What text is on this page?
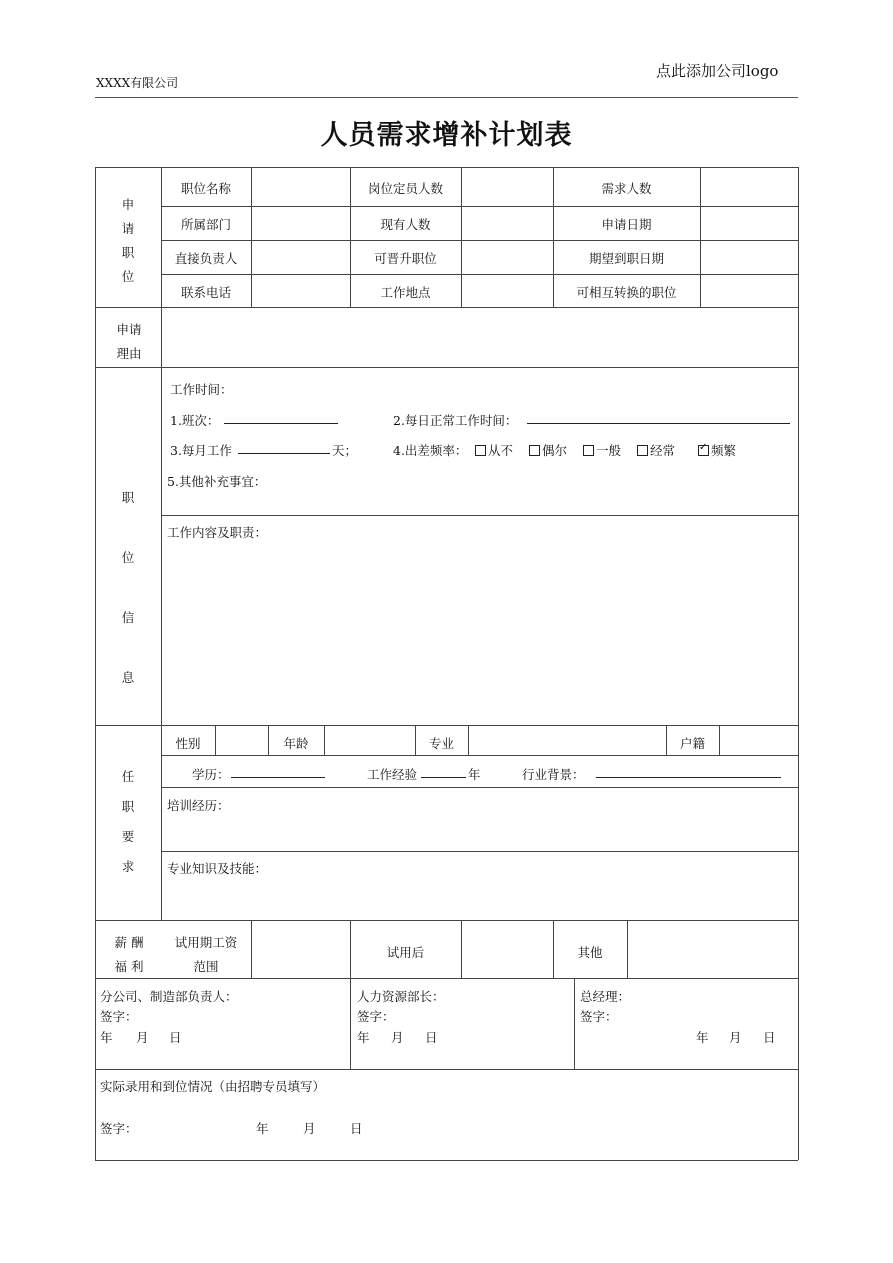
XXXX有限公司
点此添加公司logo
人员需求增补计划表
申
请
职
位
职位名称	岗位定员人数	需求人数
所属部门	现有人数	申请日期
直接负责人	可晋升职位	期望到职日期
联系电话	工作地点	可相互转换的职位
申请
理由
职
位
信
息
工作时间：
1.班次：	2.每日正常工作时间：
3.每月工作	天；	4.出差频率：	从不	偶尔	一般	经常
✓	频繁
5.其他补充事宜：
工作内容及职责：
任
职
要
求
性别	年龄	专业	户籍
学历：	工作经验	年	行业背景：
培训经历：
专业知识及技能：
薪 酬
福 利
试用期工资
范围
试用后	其他
分公司、制造部负责人：
签字：
年 月 日
人力资源部长：
签字：
年 月 日
总经理：
签字：
年 月 日
实际录用和到位情况（由招聘专员填写）
签字：	年	月	日
